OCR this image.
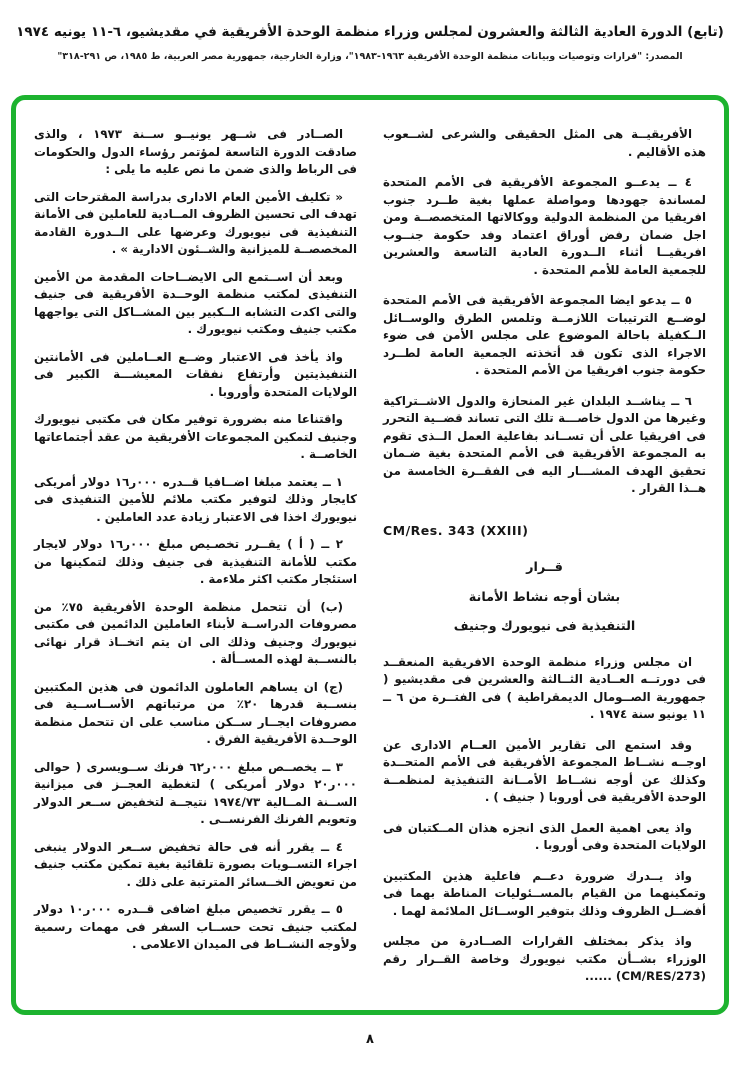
(تابع) الدورة العادية الثالثة والعشرون لمجلس وزراء منظمة الوحدة الأفريقية في مقديشيو، ٦-١١ يونيه ١٩٧٤
المصدر: "قرارات وتوصيات وبيانات منظمة الوحدة الأفريقية ١٩٦٣-١٩٨٣"، وزارة الخارجية، جمهورية مصر العربية، ط ١٩٨٥، ص ٢٩١-٣١٨"

الأفريقيــة هى المثل الحقيقى والشرعى لشــعوب هذه الأقاليم .

٤ ــ يدعــو المجموعة الأفريقية فى الأمم المتحدة لمساندة جهودها ومواصلة عملها بغية طــرد جنوب افريقيا من المنظمة الدولية ووكالاتها المتخصصــة ومن اجل ضمان رفض أوراق اعتماد وفد حكومة جنــوب افريقيــا أثناء الــدورة العادية التاسعة والعشرين للجمعية العامة للأمم المتحدة .

٥ ــ يدعو ايضا المجموعة الأفريقية فى الأمم المتحدة لوضــع الترتيبات اللازمــة وتلمس الطرق والوســائل الــكفيلة باحالة الموضوع على مجلس الأمن فى ضوء الاجراء الذى تكون قد أتخذته الجمعية العامة لطــرد حكومة جنوب افريقيا من الأمم المتحدة .

٦ ــ يناشــد البلدان غير المنحازة والدول الاشــتراكية وغيرها من الدول خاصـــة تلك التى تساند قضــية التحرر فى افريقيا على أن تســاند بفاعلية العمل الــذى تقوم به المجموعة الأفريقية فى الأمم المتحدة بغية ضـمان تحقيق الهدف المشـــار اليه فى الفقــرة الخامسة من هــذا القرار .

CM/Res. 343 (XXIII)

قــرار

بشان أوجه نشاط الأمانة

التنفيذية فى نيويورك وجنيف

ان مجلس وزراء منظمة الوحدة الافريقية المنعقــد فى دورتــه العــادية الثــالثة والعشرين فى مقديشيو ( جمهورية الصــومال الديمقراطية ) فى الفتــرة من ٦ ــ ١١ يونيو سنة ١٩٧٤ .

وقد استمع الى تقارير الأمين العــام الادارى عن اوجــه نشــاط المجموعة الأفريقية فى الأمم المتحــدة وكذلك عن أوجه نشــاط الأمــانة التنفيذية لمنظمــة الوحدة الأفريقية فى أوروبا ( جنيف ) .

واذ يعى اهمية العمل الذى انجزه هذان المــكتبان فى الولايات المتحدة وفى أوروبا .

واذ يــدرك ضرورة دعــم فاعلية هذين المكتبين وتمكينهما من القيام بالمســئوليات المناطة بهما فى أفضــل الظروف وذلك بتوفير الوســائل الملائمة لهما .

واذ يذكر بمختلف القرارات الصــادرة من مجلس الوزراء بشــأن مكتب نيويورك وخاصة القــرار رقم (CM/RES/273) ......

الصــادر فى شــهر يونيــو ســنة ١٩٧٣ ، والذى صادقت الدورة التاسعة لمؤتمر رؤساء الدول والحكومات فى الرباط والذى ضمن ما نص عليه ما يلى :

« تكليف الأمين العام الادارى بدراسة المقترحات التى تهدف الى تحسين الظروف المــادية للعاملين فى الأمانة التنفيذية فى نيويورك وعرضها على الــدورة القادمة المخصصــة للميزانية والشــئون الادارية » .

وبعد أن اســتمع الى الايضــاحات المقدمة من الأمين التنفيذى لمكتب منظمة الوحــدة الأفريقية فى جنيف والتى اكدت التشابه الــكبير بين المشــاكل التى يواجهها مكتب جنيف ومكتب نيويورك .

واذ يأخذ فى الاعتبار وضــع العــاملين فى الأمانتين التنفيذيتين وأرتفاع نفقات المعيشـــة الكبير فى الولايات المتحدة وأوروبا .

واقتناعا منه بضرورة توفير مكان فى مكتبى نيويورك وجنيف لتمكين المجموعات الأفريقية من عقد أجتماعاتها الخاصــة .

١ ــ يعتمد مبلغا اضــافيا قــدره ٠٠٠ر١٦ دولار أمريكى كايجار وذلك لتوفير مكتب ملائم للأمين التنفيذى فى نيويورك اخذا فى الاعتبار زيادة عدد العاملين .

٢ ــ ( أ ) يقــرر تخصـيص مبلغ ٠٠٠ر١٦ دولار لايجار مكتب للأمانة التنفيذية فى جنيف وذلك لتمكينها من استئجار مكتب اكثر ملاءمة .

(ب) أن تتحمل منظمة الوحدة الأفريقية ٧٥٪ من مصروفات الدراســة لأبناء العاملين الدائمين فى مكتبى نيويورك وجنيف وذلك الى ان يتم اتخــاذ قرار نهائى بالنســبة لهذه المســألة .

(ج) ان يساهم العاملون الدائمون فى هذين المكتبين بنســبة قدرها ٢٠٪ من مرتباتهم الأســاســية فى مصروفات ايجــار ســكن مناسب على ان تتحمل منظمة الوحــدة الأفريقية الفرق .

٣ ــ يخصــص مبلغ ٠٠٠ر٦٢ فرنك ســويسرى ( حوالى ٠٠٠ر٢٠ دولار أمريكى ) لتغطية العجــز فى ميزانية الســنة المــالية ١٩٧٤/٧٣ نتيجــة لتخفيض ســعر الدولار وتعويم الفرنك الفرنســى .

٤ ــ يقرر أنه فى حالة تخفيض ســعر الدولار ينبغى اجراء التســويات بصورة تلقائية بغية تمكين مكتب جنيف من تعويض الخــسائر المترتبة على ذلك .

٥ ــ يقرر تخصيص مبلغ اضافى قــدره ٠٠٠ر١٠ دولار لمكتب جنيف تحت حســاب السفر فى مهمات رسمية ولأوجه النشــاط فى الميدان الاعلامى .

٨
